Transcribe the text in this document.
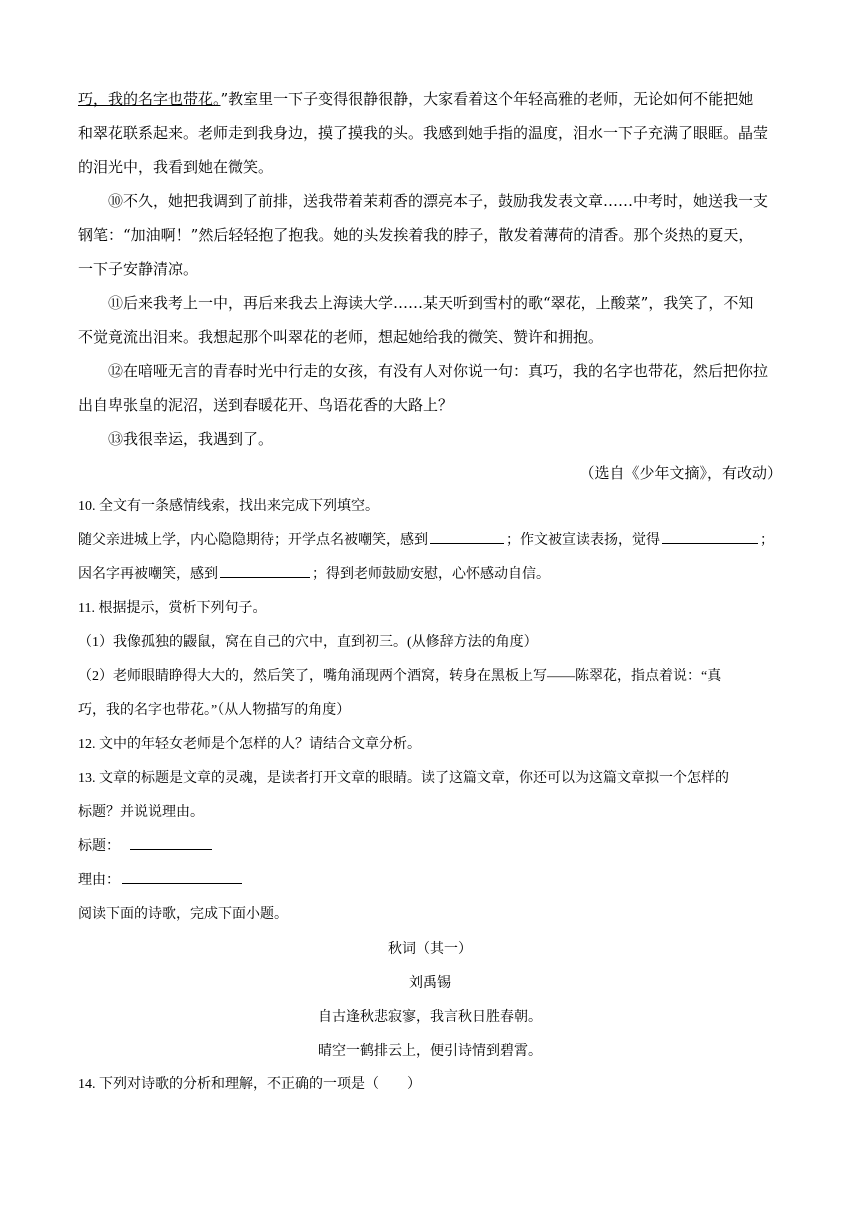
巧，我的名字也带花。”教室里一下子变得很静很静，大家看着这个年轻高雅的老师，无论如何不能把她
和翠花联系起来。老师走到我身边，摸了摸我的头。我感到她手指的温度，泪水一下子充满了眼眶。晶莹
的泪光中，我看到她在微笑。
⑩不久，她把我调到了前排，送我带着茉莉香的漂亮本子，鼓励我发表文章……中考时，她送我一支
钢笔：“加油啊！”然后轻轻抱了抱我。她的头发挨着我的脖子，散发着薄荷的清香。那个炎热的夏天，
一下子安静清凉。
⑪后来我考上一中，再后来我去上海读大学……某天听到雪村的歌“翠花，上酸菜”，我笑了，不知
不觉竟流出泪来。我想起那个叫翠花的老师，想起她给我的微笑、赞许和拥抱。
⑫在喑哑无言的青春时光中行走的女孩，有没有人对你说一句：真巧，我的名字也带花，然后把你拉
出自卑张皇的泥沼，送到春暖花开、鸟语花香的大路上？
⑬我很幸运，我遇到了。
（选自《少年文摘》，有改动）
10. 全文有一条感情线索，找出来完成下列填空。
随父亲进城上学，内心隐隐期待；开学点名被嘲笑，感到	；作文被宣读表扬，觉得	；
因名字再被嘲笑，感到	；得到老师鼓励安慰，心怀感动自信。
11. 根据提示，赏析下列句子。
（1）我像孤独的鼹鼠，窝在自己的穴中，直到初三。(从修辞方法的角度）
（2）老师眼睛睁得大大的，然后笑了，嘴角涌现两个酒窝，转身在黑板上写——陈翠花，指点着说：“真
巧，我的名字也带花。”（从人物描写的角度）
12. 文中的年轻女老师是个怎样的人？请结合文章分析。
13. 文章的标题是文章的灵魂，是读者打开文章的眼睛。读了这篇文章，你还可以为这篇文章拟一个怎样的
标题？并说说理由。
标题：
理由：
阅读下面的诗歌，完成下面小题。
秋词（其一）
刘禹锡
自古逢秋悲寂寥，我言秋日胜春朝。
晴空一鹤排云上，便引诗情到碧霄。
14. 下列对诗歌的分析和理解，不正确的一项是（　　）
